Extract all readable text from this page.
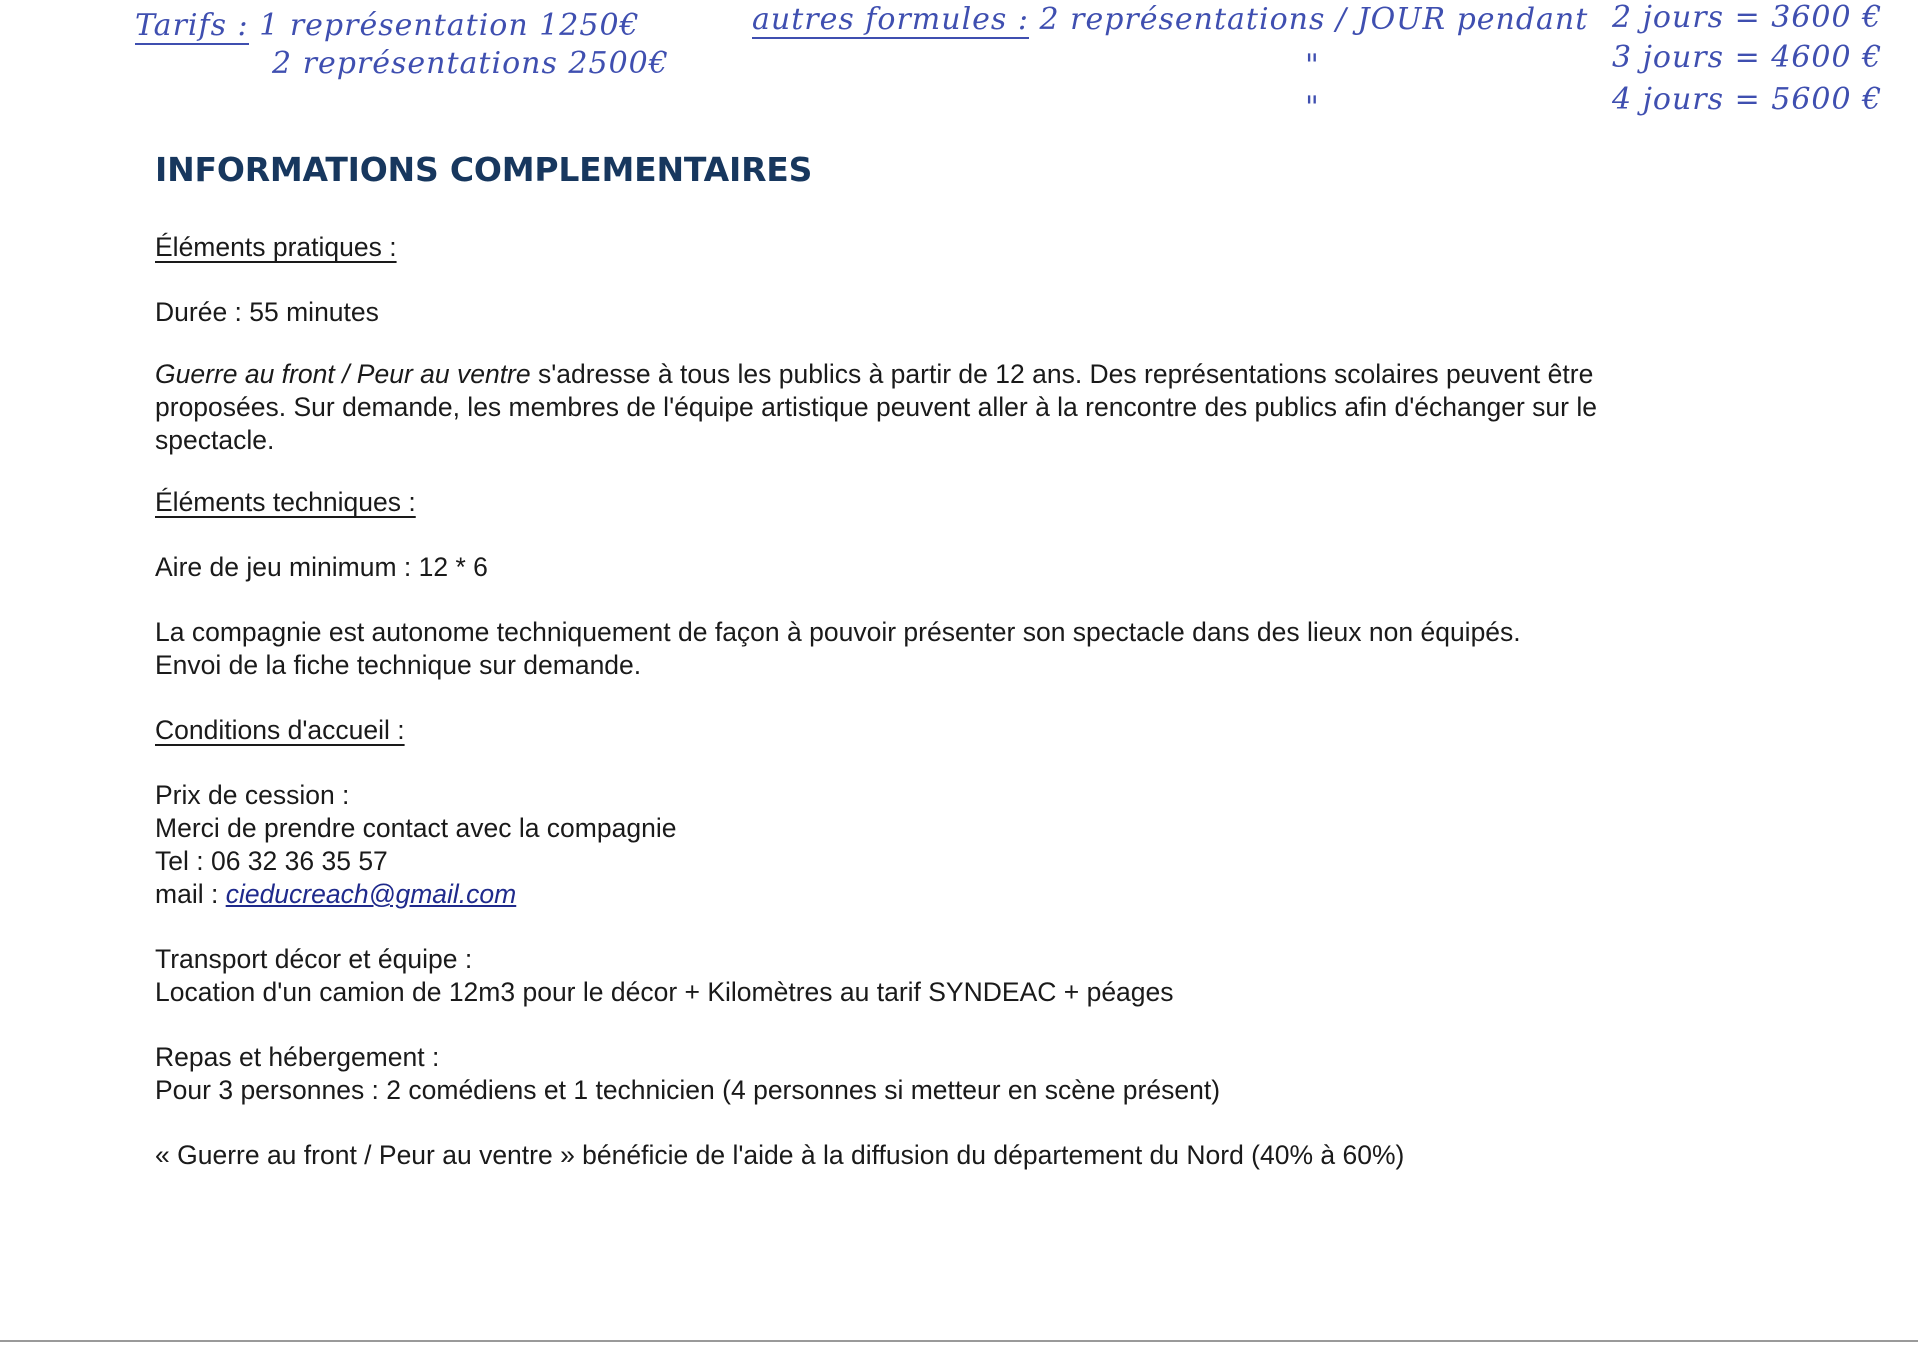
Tarifs : 1 représentation 1250€

2 représentations 2500€

autres formules : 2 représentations / JOUR pendant 2 jours = 3600 €

"	3 jours = 4600 €

"	4 jours = 5600 €

INFORMATIONS COMPLEMENTAIRES

Éléments pratiques :

Durée : 55 minutes

Guerre au front / Peur au ventre s'adresse à tous les publics à partir de 12 ans. Des représentations scolaires peuvent être

proposées. Sur demande, les membres de l'équipe artistique peuvent aller à la rencontre des publics afin d'échanger sur le

spectacle.

Éléments techniques :

Aire de jeu minimum : 12 * 6

La compagnie est autonome techniquement de façon à pouvoir présenter son spectacle dans des lieux non équipés.

Envoi de la fiche technique sur demande.

Conditions d'accueil :

Prix de cession :

Merci de prendre contact avec la compagnie

Tel : 06 32 36 35 57

mail : cieducreach@gmail.com

Transport décor et équipe :

Location d'un camion de 12m3 pour le décor + Kilomètres au tarif SYNDEAC + péages

Repas et hébergement :

Pour 3 personnes : 2 comédiens et 1 technicien (4 personnes si metteur en scène présent)

« Guerre au front / Peur au ventre » bénéficie de l'aide à la diffusion du département du Nord (40% à 60%)
